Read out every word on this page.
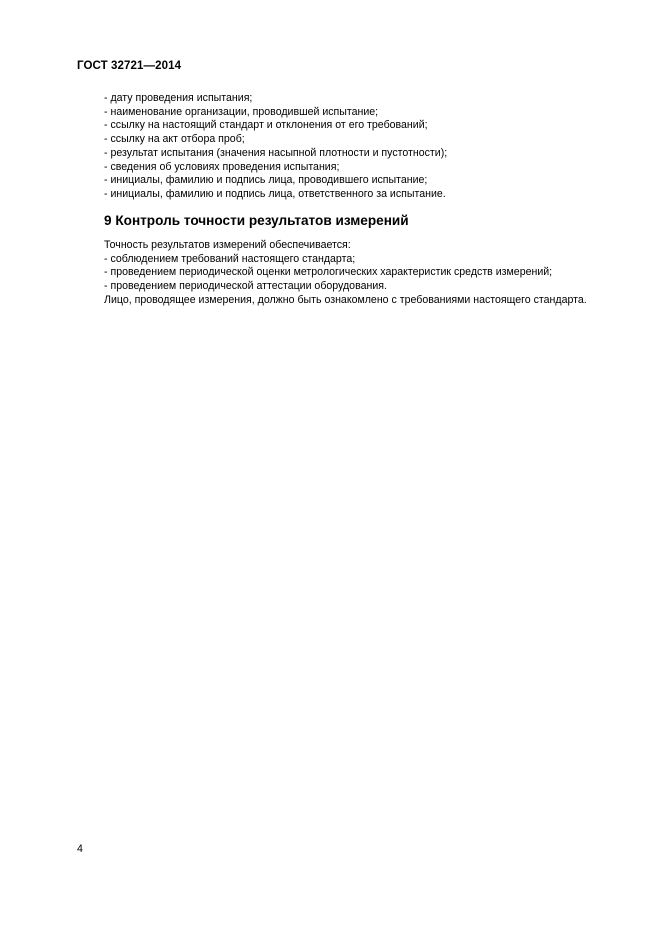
ГОСТ 32721—2014
- дату проведения испытания;
- наименование организации, проводившей испытание;
- ссылку на настоящий стандарт и отклонения от его требований;
- ссылку на акт отбора проб;
- результат испытания (значения насыпной плотности и пустотности);
- сведения об условиях проведения испытания;
- инициалы, фамилию и подпись лица, проводившего испытание;
- инициалы, фамилию и подпись лица, ответственного за испытание.
9 Контроль точности результатов измерений
Точность результатов измерений обеспечивается:
- соблюдением требований настоящего стандарта;
- проведением периодической оценки метрологических характеристик средств измерений;
- проведением периодической аттестации оборудования.
Лицо, проводящее измерения, должно быть ознакомлено с требованиями настоящего стандарта.
4
